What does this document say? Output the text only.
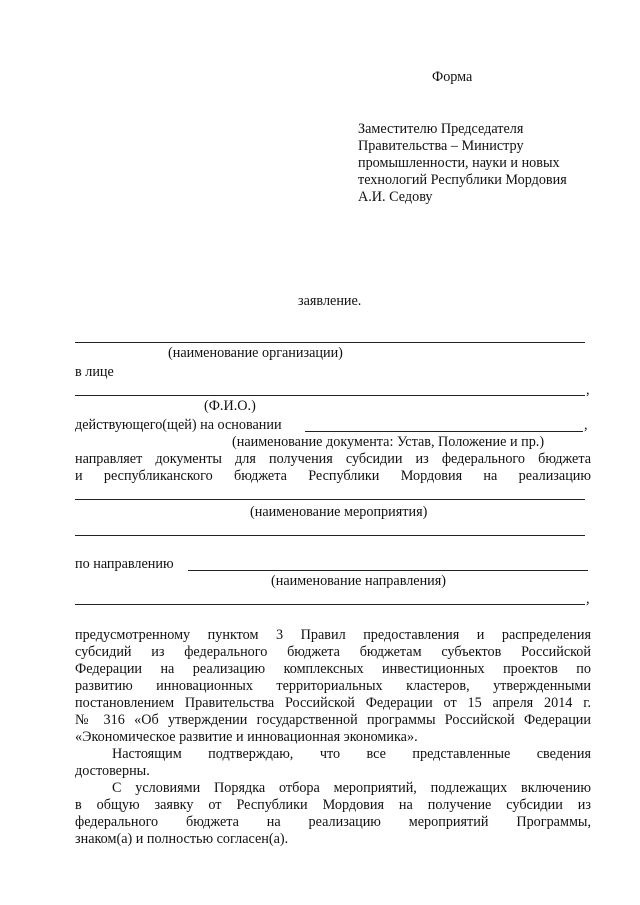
Форма
Заместителю Председателя
Правительства – Министру
промышленности, науки и новых
технологий Республики Мордовия
А.И. Седову
заявление.
(наименование организации)
в лице
,
(Ф.И.О.)
действующего(щей) на основании	,
(наименование документа: Устав, Положение и пр.)
направляет документы для получения субсидии из федерального бюджета
и республиканского бюджета Республики Мордовия на реализацию
(наименование мероприятия)
по направлению
(наименование направления)
,
предусмотренному пунктом 3 Правил предоставления и распределения
субсидий из федерального бюджета бюджетам субъектов Российской
Федерации на реализацию комплексных инвестиционных проектов по
развитию инновационных территориальных кластеров, утвержденными
постановлением Правительства Российской Федерации от 15 апреля 2014 г.
№ 316 «Об утверждении государственной программы Российской Федерации
«Экономическое развитие и инновационная экономика».
Настоящим подтверждаю, что все представленные сведения
достоверны.
С условиями Порядка отбора мероприятий, подлежащих включению
в общую заявку от Республики Мордовия на получение субсидии из
федерального бюджета на реализацию мероприятий Программы,
знаком(а) и полностью согласен(а).
